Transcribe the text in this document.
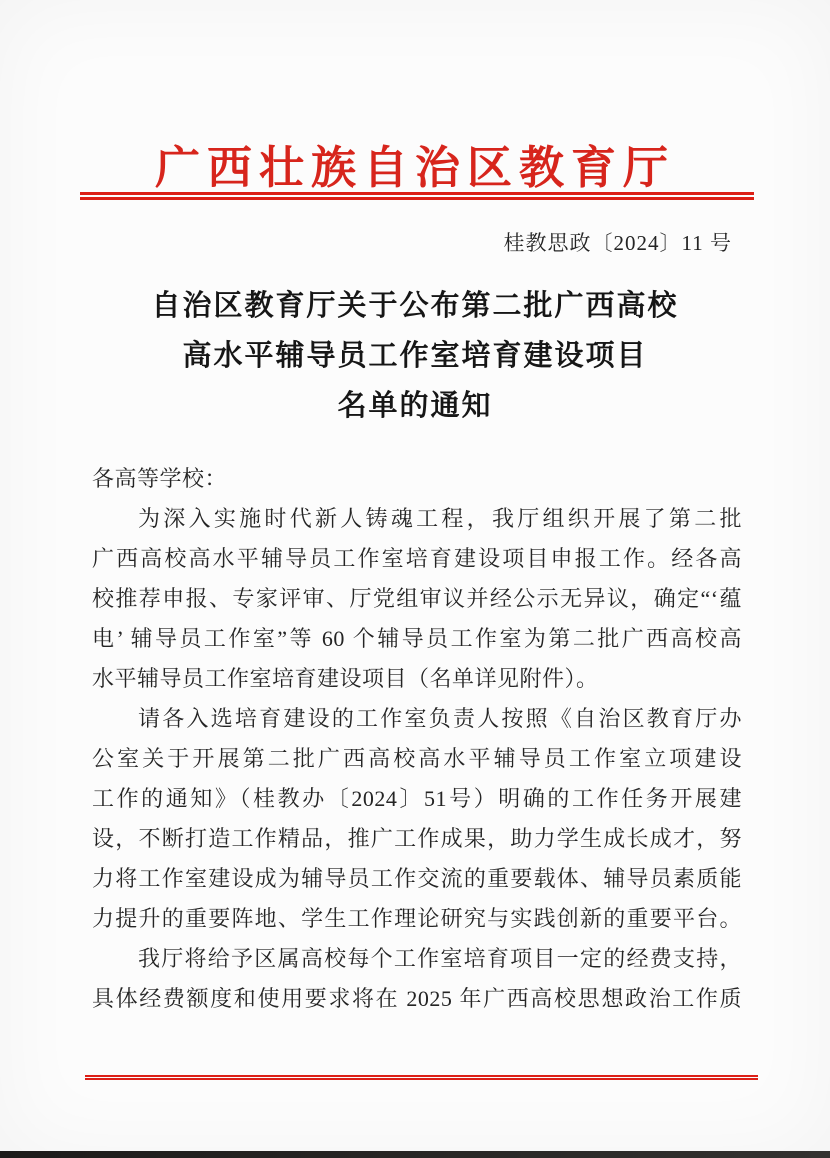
广西壮族自治区教育厅
桂教思政〔2024〕11 号
自治区教育厅关于公布第二批广西高校
高水平辅导员工作室培育建设项目
名单的通知
各高等学校：
为深入实施时代新人铸魂工程，我厅组织开展了第二批
广西高校高水平辅导员工作室培育建设项目申报工作。经各高
校推荐申报、专家评审、厅党组审议并经公示无异议，确定“‘蕴
电’ 辅导员工作室”等 60 个辅导员工作室为第二批广西高校高
水平辅导员工作室培育建设项目（名单详见附件）。
请各入选培育建设的工作室负责人按照《自治区教育厅办
公室关于开展第二批广西高校高水平辅导员工作室立项建设
工作的通知》（桂教办〔2024〕51号）明确的工作任务开展建
设，不断打造工作精品，推广工作成果，助力学生成长成才，努
力将工作室建设成为辅导员工作交流的重要载体、辅导员素质能
力提升的重要阵地、学生工作理论研究与实践创新的重要平台。
我厅将给予区属高校每个工作室培育项目一定的经费支持，
具体经费额度和使用要求将在 2025 年广西高校思想政治工作质
